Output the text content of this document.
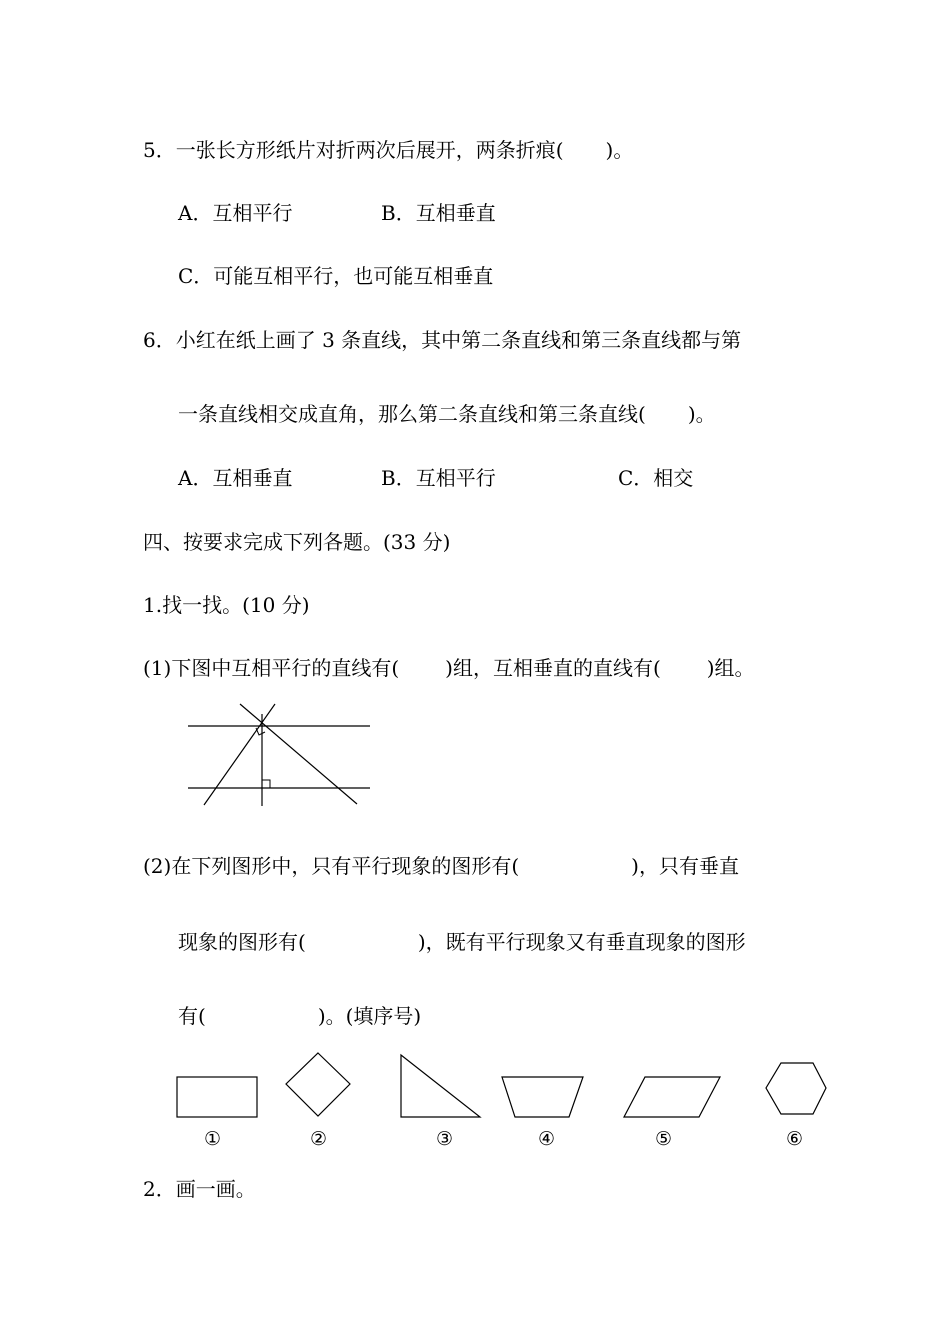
5．一张长方形纸片对折两次后展开，两条折痕( )。
A．互相平行	B．互相垂直
C．可能互相平行，也可能互相垂直
6．小红在纸上画了 3 条直线，其中第二条直线和第三条直线都与第
一条直线相交成直角，那么第二条直线和第三条直线( )。
A．互相垂直	B．互相平行	C．相交
四、按要求完成下列各题。(33 分)
1.找一找。(10 分)
(1)下图中互相平行的直线有( )组，互相垂直的直线有( )组。
(2)在下列图形中，只有平行现象的图形有(	)，只有垂直
现象的图形有(	)，既有平行现象又有垂直现象的图形
有(	)。(填序号)
①	②	③	④	⑤	⑥
2．画一画。
